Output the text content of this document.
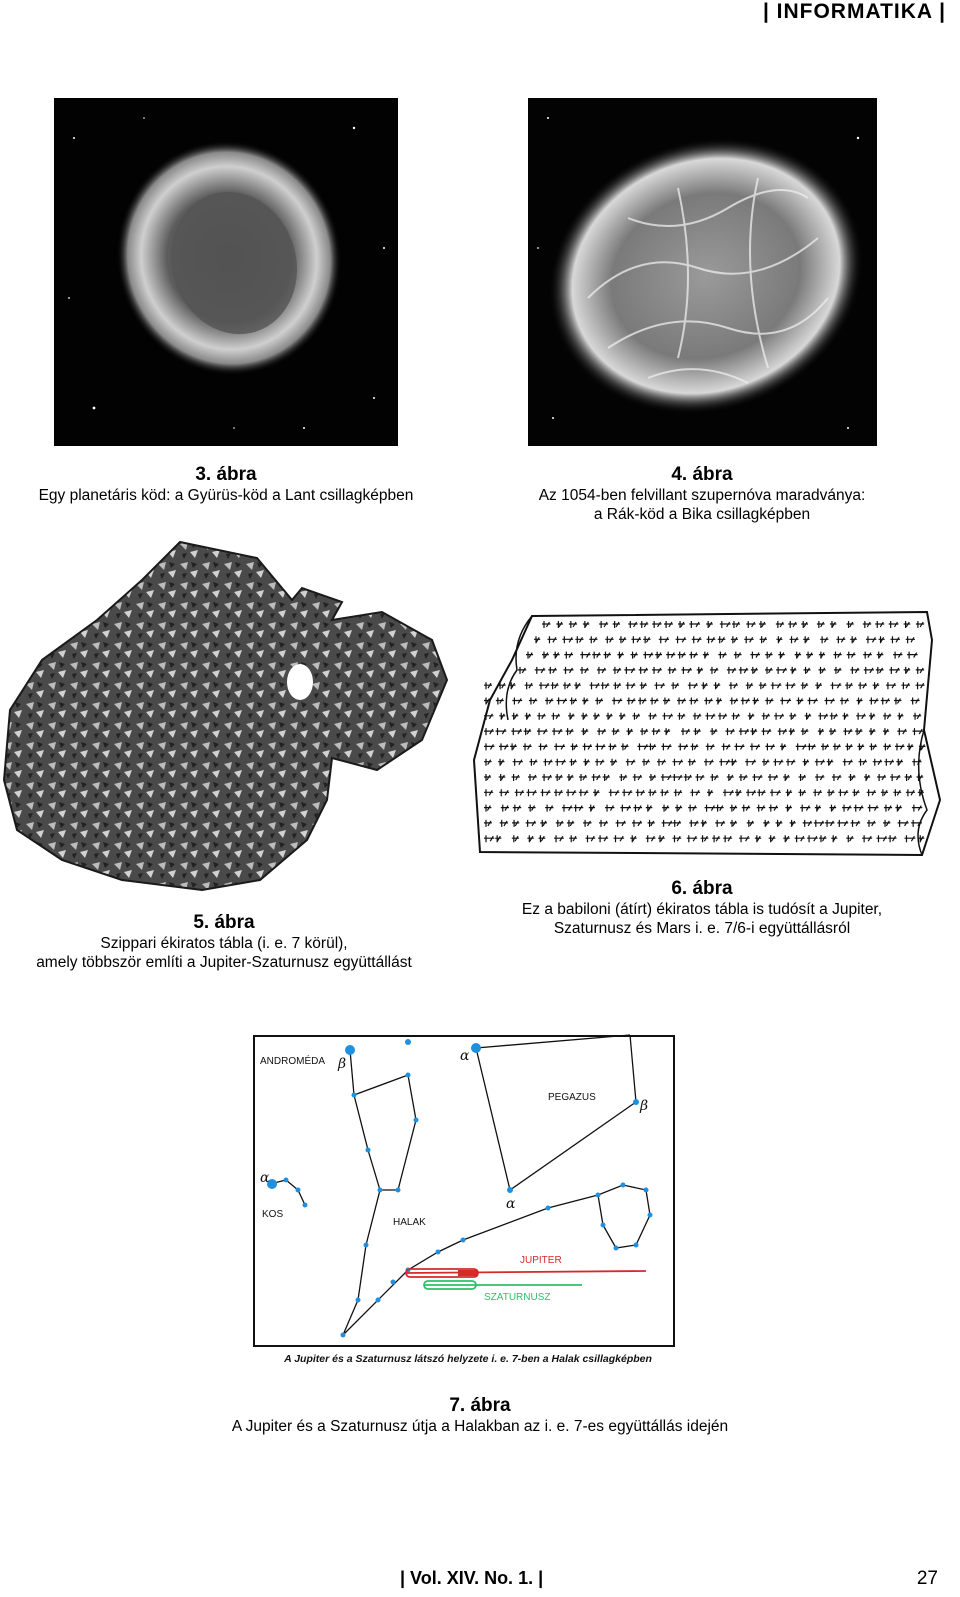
| INFORMATIKA |
3. ábra
Egy planetáris köd: a Gyürüs-köd a Lant csillagképben
4. ábra
Az 1054-ben felvillant szupernóva maradványa:
a Rák-köd a Bika csillagképben
5. ábra
Szippari ékiratos tábla (i. e. 7 körül),
amely többször említi a Jupiter-Szaturnusz együttállást
6. ábra
Ez a babiloni (átírt) ékiratos tábla is tudósít a Jupiter,
Szaturnusz és Mars i. e. 7/6-i együttállásról
ANDROMÉDA
PEGAZUS
KOS
HALAK
JUPITER
SZATURNUSZ
β	α
β
α
α
A Jupiter és a Szaturnusz látszó helyzete i. e. 7-ben a Halak csillagképben
7. ábra
A Jupiter és a Szaturnusz útja a Halakban az i. e. 7-es együttállás idején
| Vol. XIV. No. 1. |	27
